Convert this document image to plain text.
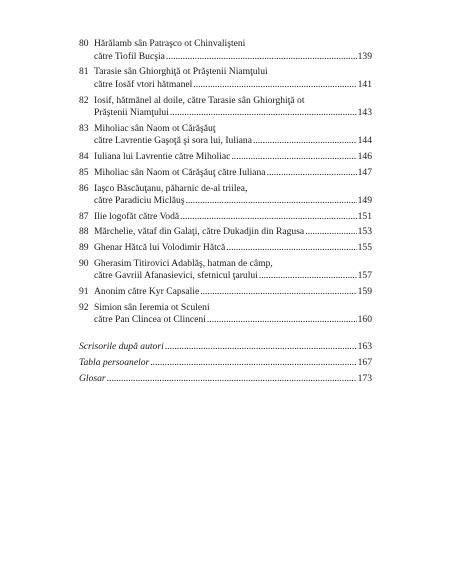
80 Hărălamb sân Patraşco ot Chinvalişteni
către Tiofil Bucşia .....	139
81 Tarasie sân Ghiorghiţă ot Prăştenii Niamţului
către Iosăf vtori hătmanel .....	141
82 Iosif, hătmănel al doile, către Tarasie sân Ghiorghiţă ot
Prăştenii Niamţului .....	143
83 Miholiac sân Naom ot Cărăşăuţ
către Lavrentie Gaşoţă şi sora lui, Iuliana .....	144
84 Iuliana lui Lavrentie către Miholiac .....	146
85 Miholiac sân Naom ot Cărăşăuţ către Iuliana .....	147
86 Iaşco Băscăuţanu, păharnic de-al triilea,
către Paradiciu Miclăuş .....	149
87 Ilie logofăt către Vodă .....	151
88 Mărchelie, vătaf din Galaţi, către Dukadjin din Ragusa .....	153
89 Ghenar Hătcă lui Volodimir Hătcă .....	155
90 Gherasim Titirovici Adablăş, hatman de câmp,
către Gavriil Afanasievici, sfetnicul ţarului .....	157
91 Anonim către Kyr Capsalie .....	159
92 Simion sân Ieremia ot Sculeni
către Pan Clincea ot Clinceni .....	160
Scrisorile după autori .....	163
Tabla persoanelor .....	167
Glosar .....	173
